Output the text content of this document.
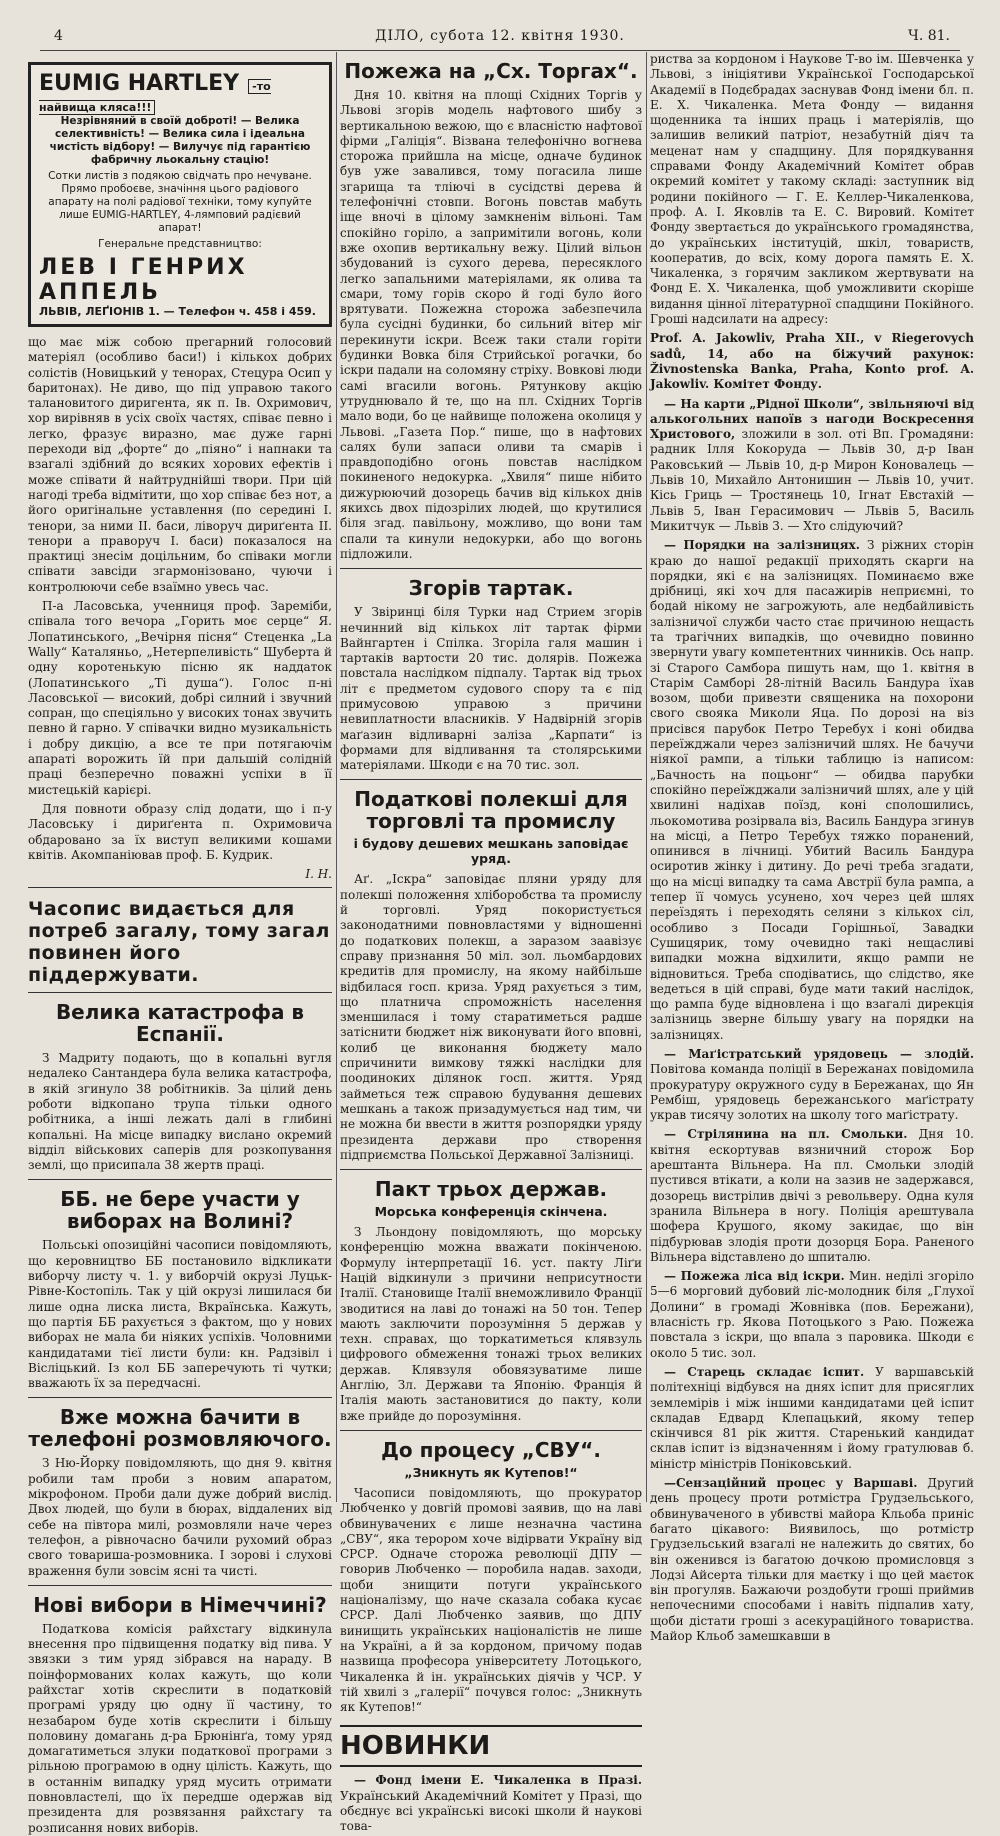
4	ДІЛО, субота 12. квітня 1930.	Ч. 81.
EUMIG HARTLEY -то найвища кляса!!!
Незрівняний в своїй доброті! — Велика селективність! — Велика сила і ідеальна чистість відбору! — Вилучує під гарантією фабричну льокальну стацію!
Сотки листів з подякою свідчать про нечуване. Прямо пробоєве, значіння цього радіового апарату на полі радіової техніки, тому купуйте лише EUMIG-HARTLEY, 4-лямповий радієвий апарат!
Генеральне представництво:
ЛЕВ І ГЕНРИХ АППЕЛЬ
ЛЬВІВ, ЛЕҐІОНІВ 1. — Телефон ч. 458 і 459.

що має між собою прегарний голосовий матеріял (особливо баси!) і кількох добрих солістів (Новицький у тенорах, Стецура Осип у баритонах). Не диво, що під управою такого талановитого диригента, як п. Ів. Охримович, хор вирівняв в усіх своїх частях, співає певно і легко, фразує виразно, має дуже гарні переходи від „форте“ до „піяно“ і напнаки та взагалі здібний до всяких хорових ефектів і може співати й найтруднійші твори. При цій нагоді треба відмітити, що хор співає без нот, а його оригінальне уставлення (по середині І. тенори, за ними ІІ. баси, ліворуч дириґента ІІ. тенори а праворуч І. баси) показалося на практиці знесім доцільним, бо співаки могли співати завсіди згармонізовано, чуючи і контролюючи себе взаїмно увесь час.

П-а Ласовська, ученниця проф. Зареміби, співала того вечора „Горить моє серце“ Я. Лопатинського, „Вечірня пісня“ Стеценка „La Wally“ Каталяньо, „Нетерпеливість“ Шуберта й одну коротенькую пісню як наддаток (Лопатинського „Ті душа“). Голос п-ні Ласовської — високий, добрі силний і звучний сопран, що спеціяльно у високих тонах звучить певно й гарно. У співачки видно музикальність і добру дикцію, а все те при потягаючім апараті ворожить їй при дальшій солідній праці безперечно поважні успіхи в її мистецькій карієрі.

Для повноти образу слід додати, що і п-у Ласовську і дириґента п. Охримовича обдаровано за їх виступ великими кошами квітів. Акомпаніював проф. Б. Кудрик.

І. Н.
Часопис видається для потреб загалу, тому загал повинен його піддержувати.
Велика катастрофа в Еспанії.

З Мадриту подають, що в копальні вугля недалеко Сантандера була велика катастрофа, в якій згинуло 38 робітників. За цілий день роботи відкопано трупа тільки одного робітника, а інші лежать далі в глибині копальні. На місце випадку вислано окремий відділ військових саперів для розкопування землі, що присипала 38 жертв праці.

ББ. не бере участи у виборах на Волині?

Польські опозиційні часописи повідомляють, що керовництво ББ постановило відкликати виборчу листу ч. 1. у виборчій окрузі Луцьк-Рівне-Костопіль. Так у цій окрузі лишилася би лише одна лиска листа, Вкраїнська. Кажуть, що партія ББ рахується з фактом, що у нових виборах не мала би ніяких успіхів. Чоловними кандидатами тієї листи були: кн. Радзівіл і Вісліцький. Із кол ББ заперечують ті чутки; вважають їх за передчасні.

Вже можна бачити в телефоні розмовляючого.

З Ню-Йорку повідомляють, що дня 9. квітня робили там проби з новим апаратом, мікрофоном. Проби дали дуже добрий вислід. Двох людей, що були в бюрах, віддалених від себе на півтора милі, розмовляли наче через телефон, а рівночасно бачили рухомий образ свого товариша-розмовника. І зорові і слухові враження були зовсім ясні та чисті.

Нові вибори в Німеччині?

Податкова комісія райхстагу відкинула внесення про підвищення податку від пива. У звязки з тим уряд зібрався на нараду. В поінформованих колах кажуть, що коли райхстаг хотів скреслити в податковій програмі уряду цю одну її частину, то незабаром буде хотів скреслити і більшу половину домагань д-ра Брюнінґа, тому уряд домагатиметься злуки податкової програми з рільною програмою в одну цілість. Кажуть, що в останнім випадку уряд мусить отримати повновластелі, що їх передше одержав від президента для розвязання райхстагу та розписання нових виборів.

Пожежа на „Сх. Торгах“.

Дня 10. квітня на площі Східних Торгів у Львові згорів модель нафтового шибу з вертикальною вежою, що є власністю нафтової фірми „Галіція“. Візвана телефонічно вогнева сторожа прийшла на місце, одначе будинок був уже завалився, тому погасила лише згарища та тліючі в сусідстві дерева й телефонічні стовпи. Вогонь повстав мабуть іще вночі в цілому замкненім вільоні. Там спокійно горіло, а запримітили вогонь, коли вже охопив вертикальну вежу. Цілий вільон збудований із сухого дерева, пересяклого легко запальними матеріялами, як олива та смари, тому горів скоро й годі було його врятувати. Пожежна сторожа забезпечила була сусідні будинки, бо сильний вітер міг перекинути іскри. Всеж таки стали горіти будинки Вовка біля Стрийської рогачки, бо іскри падали на соломяну стріху. Вовкові люди самі вгасили вогонь. Рятункову акцію утруднювало й те, що на пл. Східних Торгів мало води, бо це найвище положена околиця у Львові. „Газета Пор.“ пише, що в нафтових салях були запаси оливи та смарів і правдоподібно огонь повстав наслідком покиненого недокурка. „Хвиля“ пише нібито дижурюючий дозорець бачив від кількох днів якихсь двох підозрілих людей, що крутилися біля згад. павільону, можливо, що вони там спали та кинули недокурки, або що вогонь підложили.

Згорів тартак.

У Звіринці біля Турки над Стрием згорів нечинний від кількох літ тартак фірми Вайнгартен і Спілка. Згоріла галя машин і тартаків вартости 20 тис. долярів. Пожежа повстала наслідком підпалу. Тартак від трьох літ є предметом судового спору та є під примусовою управою з причини невиплатности власників. У Надвірній згорів маґазин відливарні заліза „Карпати“ із формами для відливання та столярськими матеріялами. Шкоди є на 70 тис. зол.

Податкові полекші для торговлі та промислу
і будову дешевих мешкань заповідає уряд.

Аґ. „Іскра“ заповідає пляни уряду для полекші положення хліборобства та промислу й торговлі. Уряд покористується законодатними повновластями у відношенні до податкових полекш, а заразом заавізує справу признання 50 міл. зол. льомбардових кредитів для промислу, на якому найбільше відбилася госп. криза. Уряд рахується з тим, що платнича спроможність населення зменшилася і тому старатиметься радше затіснити бюджет ніж виконувати його вповні, колиб це виконання бюджету мало спричинити вимкову тяжкі наслідки для поодиноких ділянок госп. життя. Уряд займеться теж справою будування дешевих мешкань а також призадумується над тим, чи не можна би ввести в життя розпорядки уряду президента держави про створення підприємства Польської Державної Залізниці.

Пакт трьох держав.
Морська конференція скінчена.

З Льондону повідомляють, що морську конференцію можна вважати покінченою. Формулу інтерпретації 16. уст. пакту Ліґи Націй відкинули з причини неприсутности Італії. Становище Італії внеможливило Франції зводитися на лаві до тонажі на 50 тон. Тепер мають заключити порозуміння 5 держав у техн. справах, що торкатиметься клявзуль цифрового обмеження тонажі трьох великих держав. Клявзуля обовязуватиме лише Англію, Зл. Держави та Японію. Франція й Італія мають застановитися до пакту, коли вже прийде до порозуміння.

До процесу „СВУ“.
„Зникнуть як Кутепов!“

Часописи повідомляють, що прокуратор Любченко у довгій промові заявив, що на лаві обвинувачених є лише незначна частина „СВУ“, яка терором хоче відірвати Україну від СРСР. Одначе сторожа революції ДПУ — говорив Любченко — поробила надав. заходи, щоби знищити потуги українського націоналізму, що наче сказала собака кусає СРСР. Далі Любченко заявив, що ДПУ винищить українських націоналістів не лише на Україні, а й за кордоном, причому подав назвища професора університету Лотоцького, Чикаленка й ін. українських діячів у ЧСР. У тій хвилі з „галерії“ почувся голос: „Зникнуть як Кутепов!“

НОВИНКИ

— Фонд імени Е. Чикаленка в Празі. Український Академічний Комітет у Празі, що обєднує всі українські високі школи й наукові това-

риства за кордоном і Наукове Т-во ім. Шевченка у Львові, з ініціятиви Української Господарської Академії в Подєбрадах заснував Фонд імени бл. п. Е. Х. Чикаленка. Мета Фонду — видання щоденника та інших праць і матеріялів, що залишив великий патріот, незабутній діяч та меценат нам у спадщину. Для порядкування справами Фонду Академічний Комітет обрав окремий комітет у такому складі: заступник від родини покійного — Г. Е. Келлер-Чикаленкова, проф. А. І. Яковлів та Е. С. Вировий. Комітет Фонду звертається до українського громадянства, до українських інституцій, шкіл, товариств, кооператив, до всіх, кому дорога память Е. Х. Чикаленка, з горячим закликом жертвувати на Фонд Е. Х. Чикаленка, щоб уможливити скоріше видання цінної літературної спадщини Покійного. Гроші надсилати на адресу:

Prof. A. Jakowliv, Praha XII., v Riegerovych sadů, 14, або на біжучий рахунок: Živnostenska Banka, Praha, Konto prof. A. Jakowliv. Комітет Фонду.

— На карти „Рідної Школи“, звільняючі від алькогольних напоїв з нагоди Воскресення Христового, зложили в зол. оті Вп. Громадяни: радник Ілля Кокоруда — Львів 30, д-р Іван Раковський — Львів 10, д-р Мирон Коновалець — Львів 10, Михайло Антонишин — Львів 10, учит. Кісь Гриць — Тростянець 10, Ігнат Евстахій — Львів 5, Іван Герасимович — Львів 5, Василь Микитчук — Львів 3. — Хто слідуючий?

— Порядки на залізницях. З ріжних сторін краю до нашої редакції приходять скарги на порядки, які є на залізницях. Поминаємо вже дрібниці, які хоч для пасажирів неприємні, то бодай нікому не загрожують, але недбайливість залізничої служби часто стає причиною нещасть та трагічних випадків, що очевидно повинно звернути увагу компетентних чинників. Ось напр. зі Старого Самбора пишуть нам, що 1. квітня в Старім Самборі 28-літній Василь Бандура їхав возом, щоби привезти священика на похорони свого свояка Миколи Яца. По дорозі на віз присівся парубок Петро Теребух і коні обидва переїжджали через залізничий шлях. Не бачучи ніякої рампи, а тільки таблицю із написом: „Бачность на поцьонг“ — обидва парубки спокійно переїжджали залізничий шлях, але у цій хвилині надіхав поїзд, коні сполошились, льокомотива розірвала віз, Василь Бандура згинув на місці, а Петро Теребух тяжко поранений, опинився в лічниці. Убитий Василь Бандура осиротив жінку і дитину. До речі треба згадати, що на місці випадку та сама Австрії була рампа, а тепер її чомусь усунено, хоч через цей шлях переїздять і переходять селяни з кількох сіл, особливо з Посади Горішньої, Завадки Сушицярик, тому очевидно такі нещасливі випадки можна відхилити, якщо рампи не відновиться. Треба сподіватись, що слідство, яке ведеться в цій справі, буде мати такий наслідок, що рампа буде відновлена і що взагалі дирекція залізниць зверне більшу увагу на порядки на залізницях.

— Маґістратський урядовець — злодій. Повітова команда поліції в Бережанах повідомила прокуратуру окружного суду в Бережанах, що Ян Рембіш, урядовець бережанського маґістрату украв тисячу золотих на школу того маґістрату.

— Стрілянина на пл. Смольки. Дня 10. квітня ескортував вязничний сторож Бор арештанта Вільнера. На пл. Смольки злодій пустився втікати, а коли на зазив не задержався, дозорець вистрілив двічі з револьверу. Одна куля зранила Вільнера в ногу. Поліція арештувала шофера Крушого, якому закидає, що він підбурював злодія проти дозорця Бора. Раненого Вільнера відставлено до шпиталю.

— Пожежа ліса від іскри. Мин. неділі згоріло 5—6 морговий дубовий ліс-молодник біля „Глухої Долини“ в громаді Жовнівка (пов. Бережани), власність гр. Якова Потоцького з Раю. Пожежа повстала з іскри, що впала з паровика. Шкоди є около 5 тис. зол.

— Старець складає іспит. У варшавській політехніці відбувся на днях іспит для присяглих землемірів і між іншими кандидатами цей іспит складав Едвард Клепацький, якому тепер скінчився 81 рік життя. Старенький кандидат склав іспит із відзначенням і йому гратулював б. міністр міністрів Поніковський.

—Сензаційний процес у Варшаві. Другий день процесу проти ротмістра Грудзельського, обвинуваченого в убивстві майора Кльоба приніс багато цікавого: Виявилось, що ротмістр Грудзельський взагалі не належить до святих, бо він оженився із багатою дочкою промисловця з Лодзі Айсерта тільки для маєтку і що цей маєток він прогуляв. Бажаючи роздобути гроші приймив непочесними способами і навіть підпалив хату, щоби дістати гроші з асекураційного товариства. Майор Кльоб замешкавши в
